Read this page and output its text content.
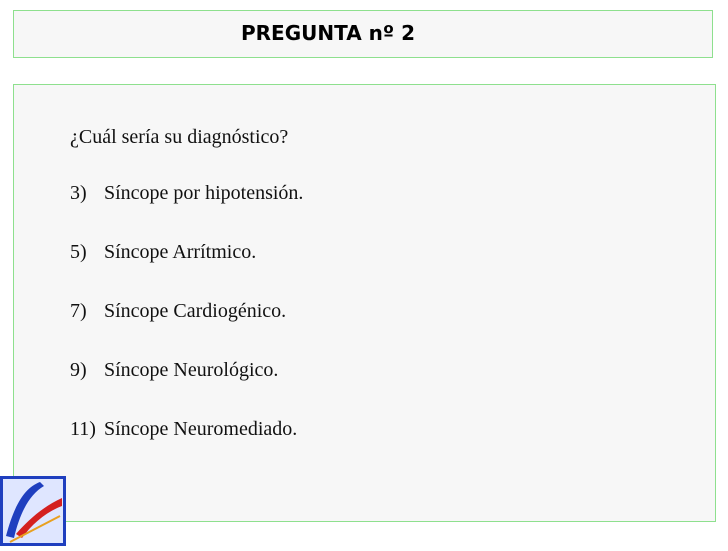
PREGUNTA nº 2
¿Cuál sería su diagnóstico?
3) Síncope por hipotensión.
5) Síncope Arrítmico.
7) Síncope Cardiogénico.
9) Síncope Neurológico.
11) Síncope Neuromediado.
